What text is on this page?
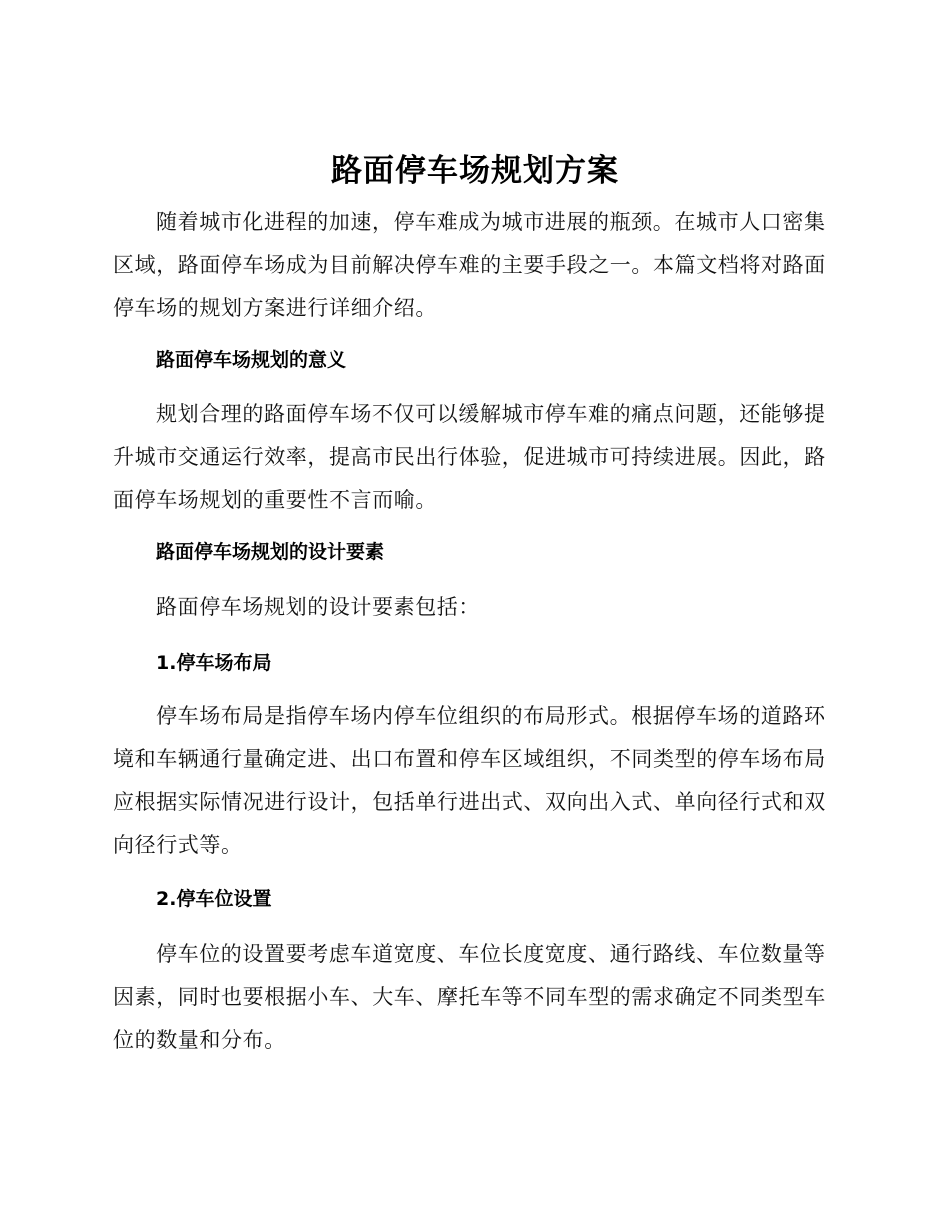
路面停车场规划方案

随着城市化进程的加速，停车难成为城市进展的瓶颈。在城市人口密集
区域，路面停车场成为目前解决停车难的主要手段之一。本篇文档将对路面
停车场的规划方案进行详细介绍。

路面停车场规划的意义

规划合理的路面停车场不仅可以缓解城市停车难的痛点问题，还能够提
升城市交通运行效率，提高市民出行体验，促进城市可持续进展。因此，路
面停车场规划的重要性不言而喻。

路面停车场规划的设计要素

路面停车场规划的设计要素包括：

1.停车场布局

停车场布局是指停车场内停车位组织的布局形式。根据停车场的道路环
境和车辆通行量确定进、出口布置和停车区域组织，不同类型的停车场布局
应根据实际情况进行设计，包括单行进出式、双向出入式、单向径行式和双
向径行式等。

2.停车位设置

停车位的设置要考虑车道宽度、车位长度宽度、通行路线、车位数量等
因素，同时也要根据小车、大车、摩托车等不同车型的需求确定不同类型车
位的数量和分布。
